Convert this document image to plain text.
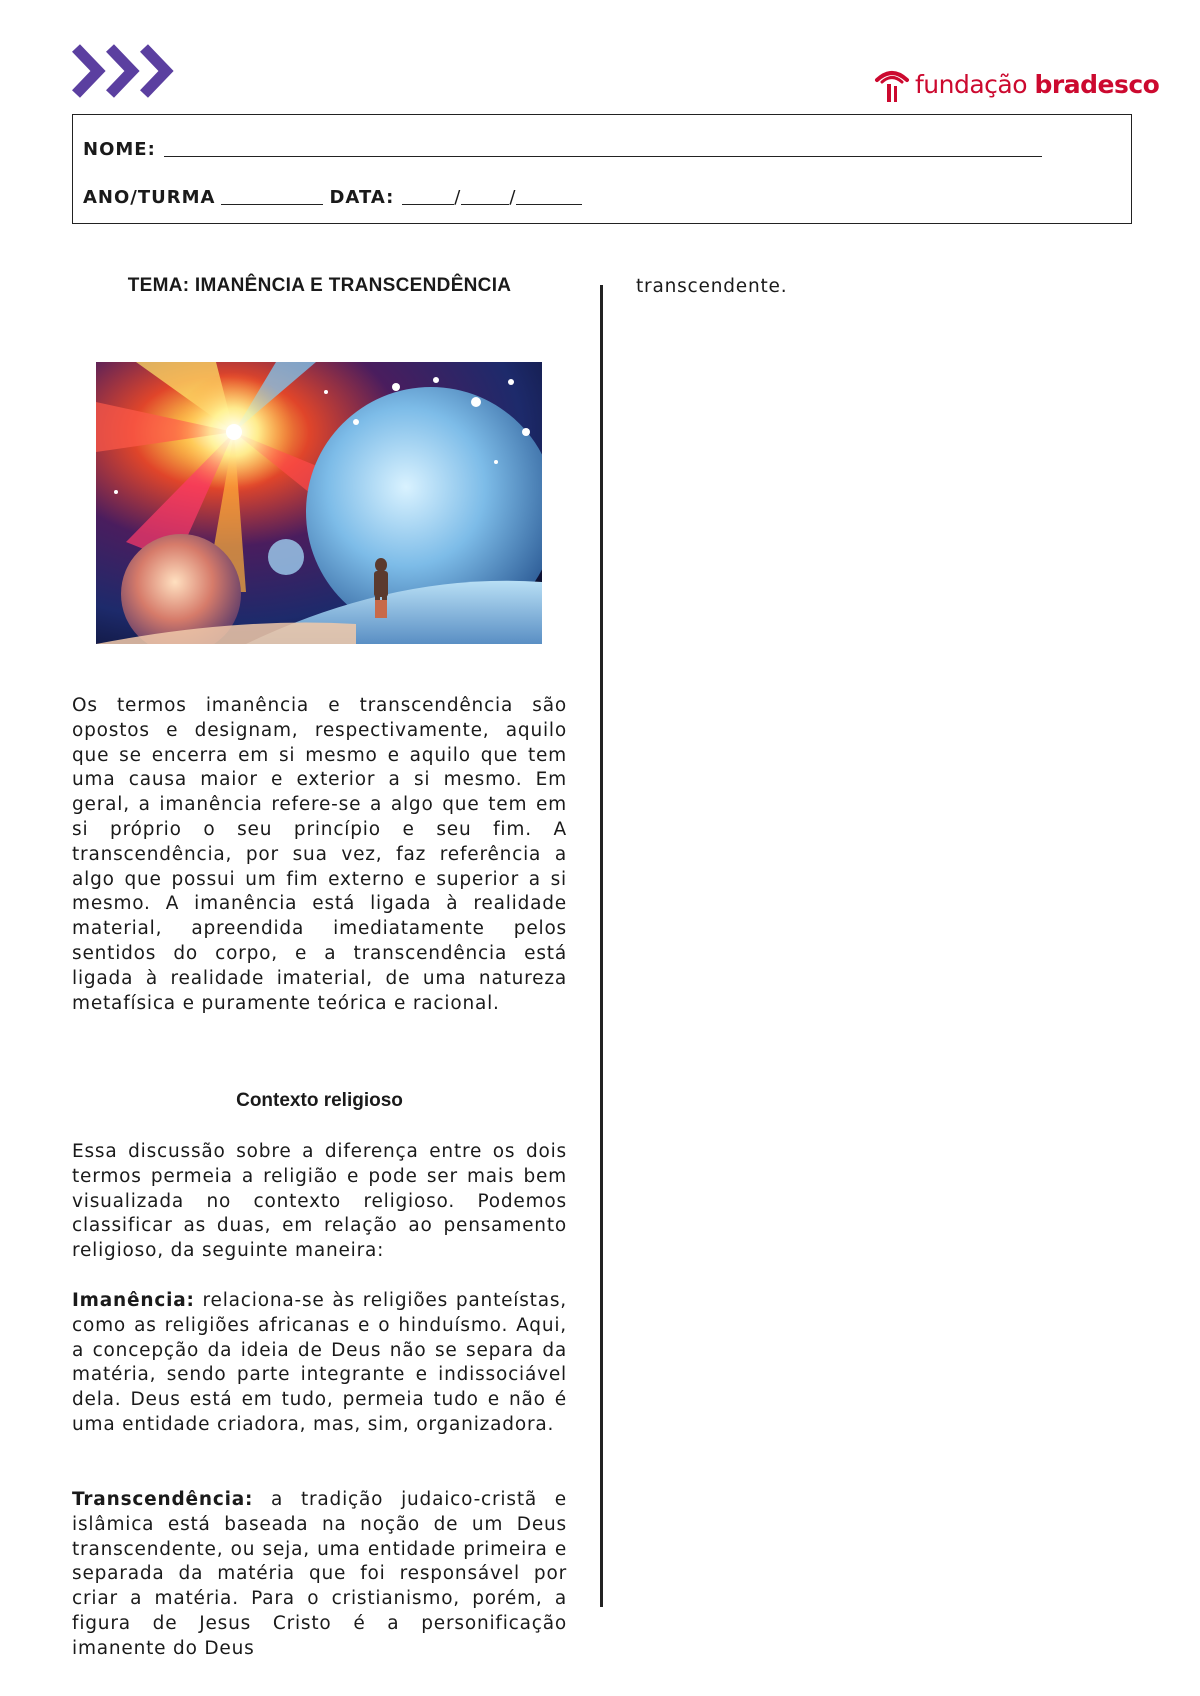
fundação bradesco
NOME:
ANO/TURMA	DATA:	/	/
TEMA: IMANÊNCIA E TRANSCENDÊNCIA

Os termos imanência e transcendência são opostos e designam, respectivamente, aquilo que se encerra em si mesmo e aquilo que tem uma causa maior e exterior a si mesmo. Em geral, a imanência refere-se a algo que tem em si próprio o seu princípio e seu fim. A transcendência, por sua vez, faz referência a algo que possui um fim externo e superior a si mesmo. A imanência está ligada à realidade material, apreendida imediatamente pelos sentidos do corpo, e a transcendência está ligada à realidade imaterial, de uma natureza metafísica e puramente teórica e racional.

Contexto religioso

Essa discussão sobre a diferença entre os dois termos permeia a religião e pode ser mais bem visualizada no contexto religioso. Podemos classificar as duas, em relação ao pensamento religioso, da seguinte maneira:

Imanência: relaciona-se às religiões panteístas, como as religiões africanas e o hinduísmo. Aqui, a concepção da ideia de Deus não se separa da matéria, sendo parte integrante e indissociável dela. Deus está em tudo, permeia tudo e não é uma entidade criadora, mas, sim, organizadora.

Transcendência: a tradição judaico-cristã e islâmica está baseada na noção de um Deus transcendente, ou seja, uma entidade primeira e separada da matéria que foi responsável por criar a matéria. Para o cristianismo, porém, a figura de Jesus Cristo é a personificação imanente do Deus

transcendente.
